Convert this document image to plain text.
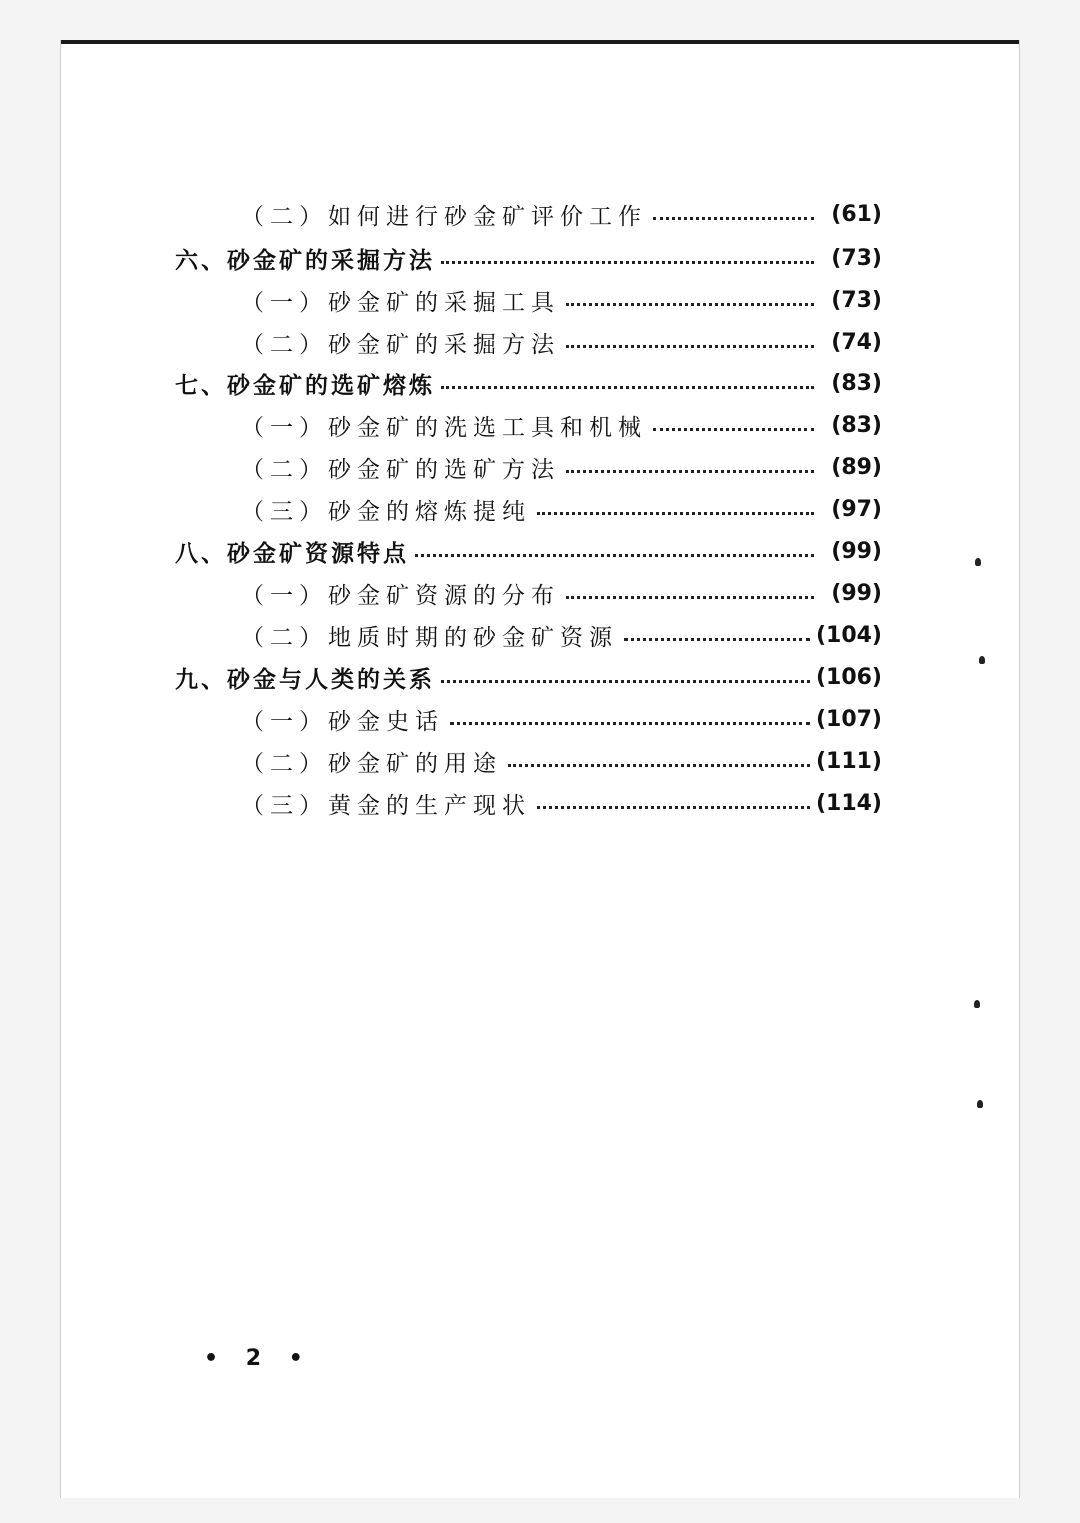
（二）如何进行砂金矿评价工作	(61)
六、砂金矿的采掘方法	(73)
（一）砂金矿的采掘工具	(73)
（二）砂金矿的采掘方法	(74)
七、砂金矿的选矿熔炼	(83)
（一）砂金矿的洗选工具和机械	(83)
（二）砂金矿的选矿方法	(89)
（三）砂金的熔炼提纯	(97)
八、砂金矿资源特点	(99)
（一）砂金矿资源的分布	(99)
（二）地质时期的砂金矿资源	(104)
九、砂金与人类的关系	(106)
（一）砂金史话	(107)
（二）砂金矿的用途	(111)
（三）黄金的生产现状	(114)
• 2 •
